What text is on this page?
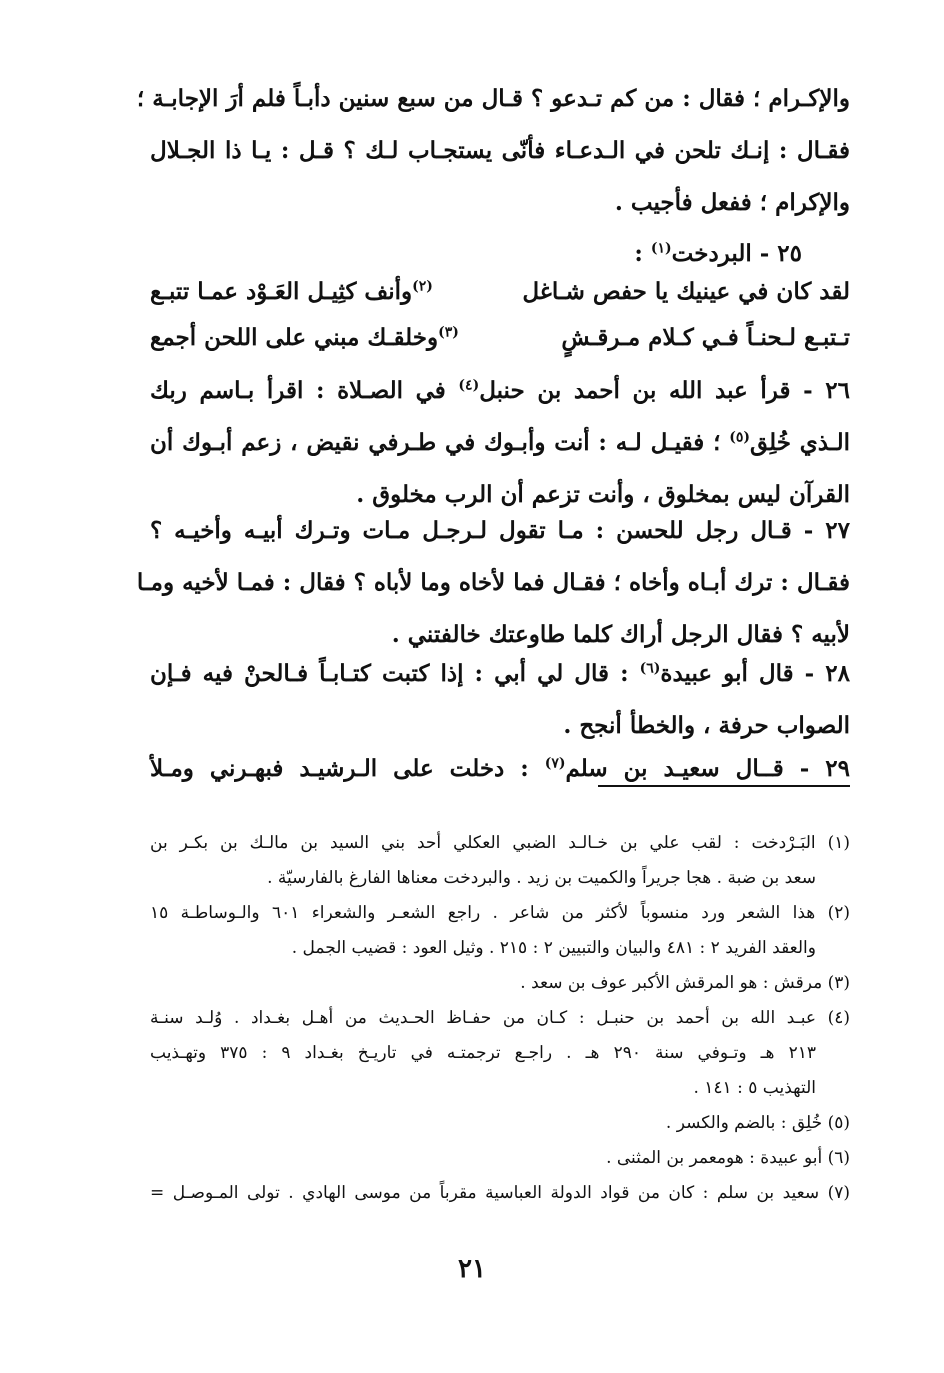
والإكـرام ؛ فقال : من كم تـدعو ؟ قـال من سبع سنين دأبـاً فلم أرَ الإجابـة ؛
فقـال : إنـك تلحن في الـدعـاء فأنّى يستجـاب لـك ؟ قـل : يـا ذا الجـلال
والإكرام ؛ ففعل فأجيب .
٢٥ - البردخت$^{(١)}$ :
لقد كان في عينيك يا حفص شـاغل
$^{(٢)}$وأنف كثِيـل العَـوْد عمـا تتبـع
تـتبـع لـحنـاً فـي كـلام مـرقـشٍ
$^{(٣)}$وخلقـك مبني على اللحن أجمع
٢٦ - قرأ عبد الله بن أحمد بن حنبل$^{(٤)}$ في الصـلاة : اقرأ بـاسم ربك
الـذي خُلِق$^{(٥)}$ ؛ فقيـل لـه : أنت وأبـوك في طـرفي نقيض ، زعم أبـوك أن
القرآن ليس بمخلوق ، وأنت تزعم أن الرب مخلوق .
٢٧ - قـال رجل للحسن : مـا تقول لـرجـل مـات وتـرك أبيـه وأخيـه ؟
فقـال : ترك أبـاه وأخاه ؛ فقـال فما لأخاه وما لأباه ؟ فقال : فمـا لأخيه ومـا
لأبيه ؟ فقال الرجل أراك كلما طاوعتك خالفتني .
٢٨ - قال أبو عبيدة$^{(٦)}$ : قال لي أبي : إذا كتبت كتـابـاً فـالحنْ فيه فـإن
الصواب حرفة ، والخطأ أنجح .
٢٩ - قــال سعيـد بن سلم$^{(٧)}$ : دخلت على الـرشيـد فبهـرني ومـلأ
(١) البَـرْدخت : لقب علي بن خـالـد الضبي العكلي أحد بني السيد بن مالـك بن بكـر بن
سعد بن ضبة . هجا جريراً والكميت بن زيد . والبردخت معناها الفارغ بالفارسيّة .
(٢) هذا الشعر ورد منسوباً لأكثر من شاعر . راجع الشعـر والشعراء ٦٠١ والـوساطـة ١٥
والعقد الفريد ٢ : ٤٨١ والبيان والتبيين ٢ : ٢١٥ . وثيل العود : قضيب الجمل .
(٣) مرقش : هو المرقش الأكبر عوف بن سعد .
(٤) عبـد الله بن أحمد بن حنبـل : كـان من حفـاظ الحـديث من أهـل بغـداد . وُلـد سنـة
٢١٣ هـ وتـوفي سنة ٢٩٠ هـ . راجـع ترجمتـه في تاريـخ بغـداد ٩ : ٣٧٥ وتهـذيب
التهذيب ٥ : ١٤١ .
(٥) خُلِق : بالضم والكسر .
(٦) أبو عبيدة : هومعمر بن المثنى .
(٧) سعيد بن سلم : كان من قواد الدولة العباسية مقرباً من موسى الهادي . تولى المـوصـل =
٢١
